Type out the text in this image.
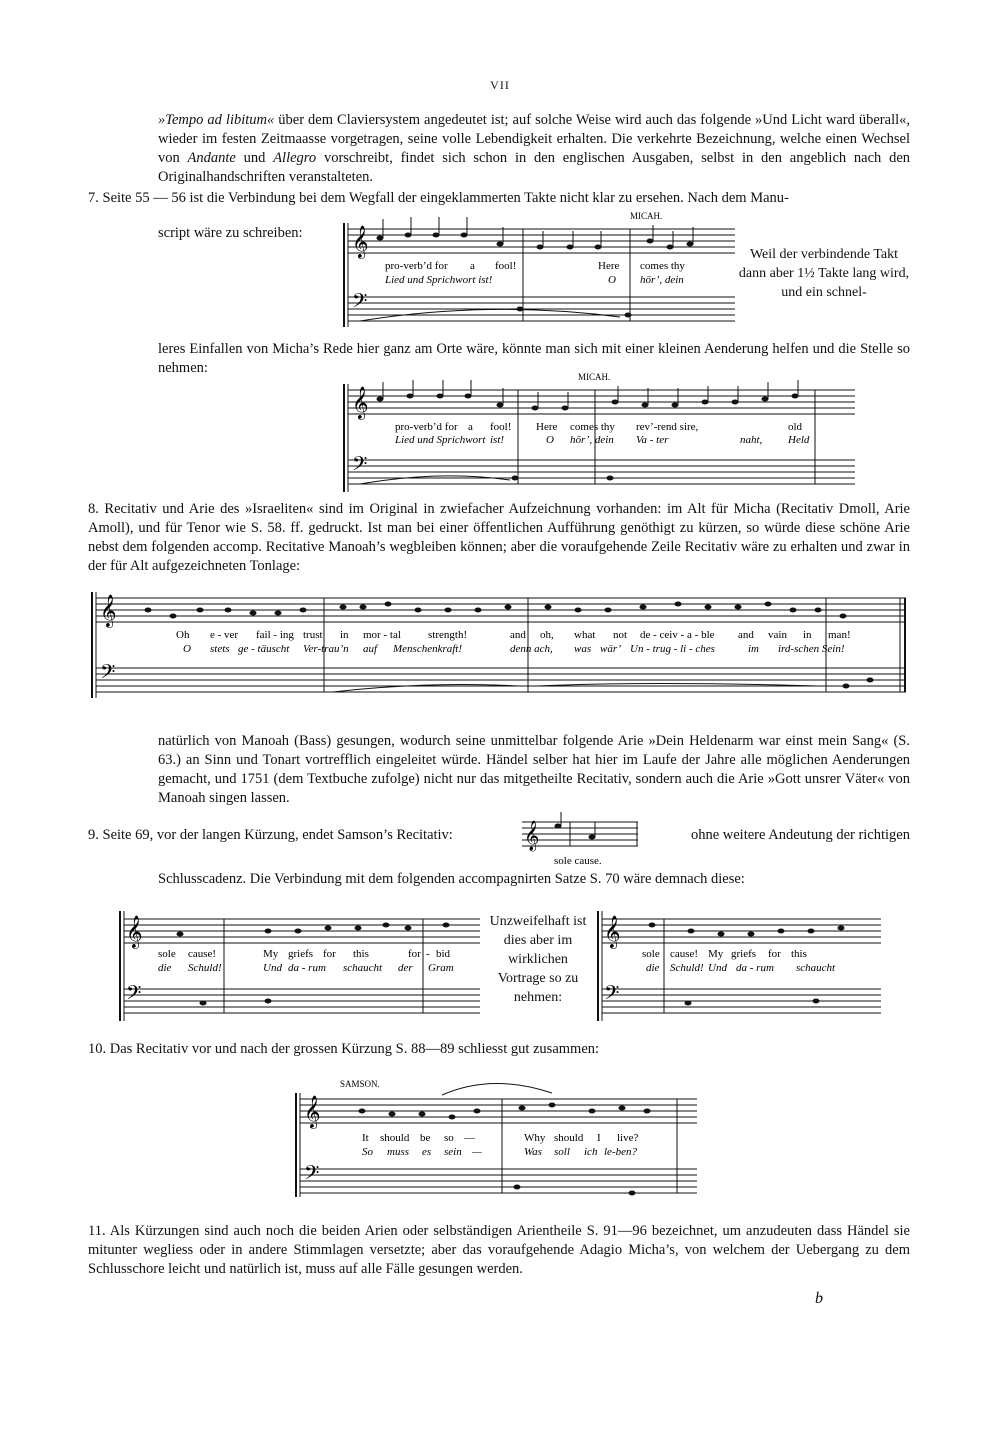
VII
»Tempo ad libitum« über dem Claviersystem angedeutet ist; auf solche Weise wird auch das folgende »Und Licht ward überall«, wieder im festen Zeitmaasse vorgetragen, seine volle Lebendigkeit erhalten. Die verkehrte Bezeichnung, welche einen Wechsel von Andante und Allegro vorschreibt, findet sich schon in den englischen Ausgaben, selbst in den angeblich nach den Originalhandschriften veranstalteten.
7. Seite 55 — 56 ist die Verbindung bei dem Wegfall der eingeklammerten Takte nicht klar zu ersehen. Nach dem Manu-
script wäre zu schreiben:	𝄞
𝄢
MICAH.
pro-verb’d for a fool!	Here comes thy
Lied und Sprichwort ist!	O hör’, dein
Weil der verbindende Takt dann aber 1½ Takte lang wird, und ein schnel-
leres Einfallen von Micha’s Rede hier ganz am Orte wäre, könnte man sich mit einer kleinen Aenderung helfen und die Stelle so nehmen:
𝄞
𝄢
MICAH.
pro-verb’d for a fool! Here comes thy rev’-rend sire,	old
Lied und Sprichwort ist!	O hör’, dein Va - ter	naht, Held
8. Recitativ und Arie des »Israeliten« sind im Original in zwiefacher Aufzeichnung vorhanden: im Alt für Micha (Recitativ Dmoll, Arie Amoll), und für Tenor wie S. 58. ff. gedruckt. Ist man bei einer öffentlichen Aufführung genöthigt zu kürzen, so würde diese schöne Arie nebst dem folgenden accomp. Recitative Manoah’s wegbleiben können; aber die voraufgehende Zeile Recitativ wäre zu erhalten und zwar in der für Alt aufgezeichneten Tonlage:
𝄞
𝄢
Oh e - ver fail - ing trust in mor - tal strength!	and oh, what not de - ceiv - a - ble and vain in man!
O stets ge - täuscht Ver-trau’n auf Menschenkraft!	denn ach, was wär’ Un - trug - li - ches	im ird-schen Sein!
natürlich von Manoah (Bass) gesungen, wodurch seine unmittelbar folgende Arie »Dein Heldenarm war einst mein Sang« (S. 63.) an Sinn und Tonart vortrefflich eingeleitet würde. Händel selber hat hier im Laufe der Jahre alle möglichen Aenderungen gemacht, und 1751 (dem Textbuche zufolge) nicht nur das mitgetheilte Recitativ, sondern auch die Arie »Gott unsrer Väter« von Manoah singen lassen.
9. Seite 69, vor der langen Kürzung, endet Samson’s Recitativ:	𝄞
sole cause.
ohne weitere Andeutung der richtigen
Schlusscadenz. Die Verbindung mit dem folgenden accompagnirten Satze S. 70 wäre demnach diese:
𝄞
𝄢
sole cause!	My griefs for this	for - bid
die Schuld!	Und da - rum schaucht der Gram
Unzweifelhaft ist dies aber im wirklichen Vortrage so zu nehmen:
𝄞
𝄢
sole cause! My griefs for this
die Schuld! Und da - rum schaucht
10. Das Recitativ vor und nach der grossen Kürzung S. 88—89 schliesst gut zusammen:
𝄞
𝄢
SAMSON.
It should be so —	Why should I live?
So muss es sein —	Was soll ich le-ben?
11. Als Kürzungen sind auch noch die beiden Arien oder selbständigen Arientheile S. 91—96 bezeichnet, um anzudeuten dass Händel sie mitunter wegliess oder in andere Stimmlagen versetzte; aber das voraufgehende Adagio Micha’s, von welchem der Uebergang zu dem Schlusschore leicht und natürlich ist, muss auf alle Fälle gesungen werden.
b
